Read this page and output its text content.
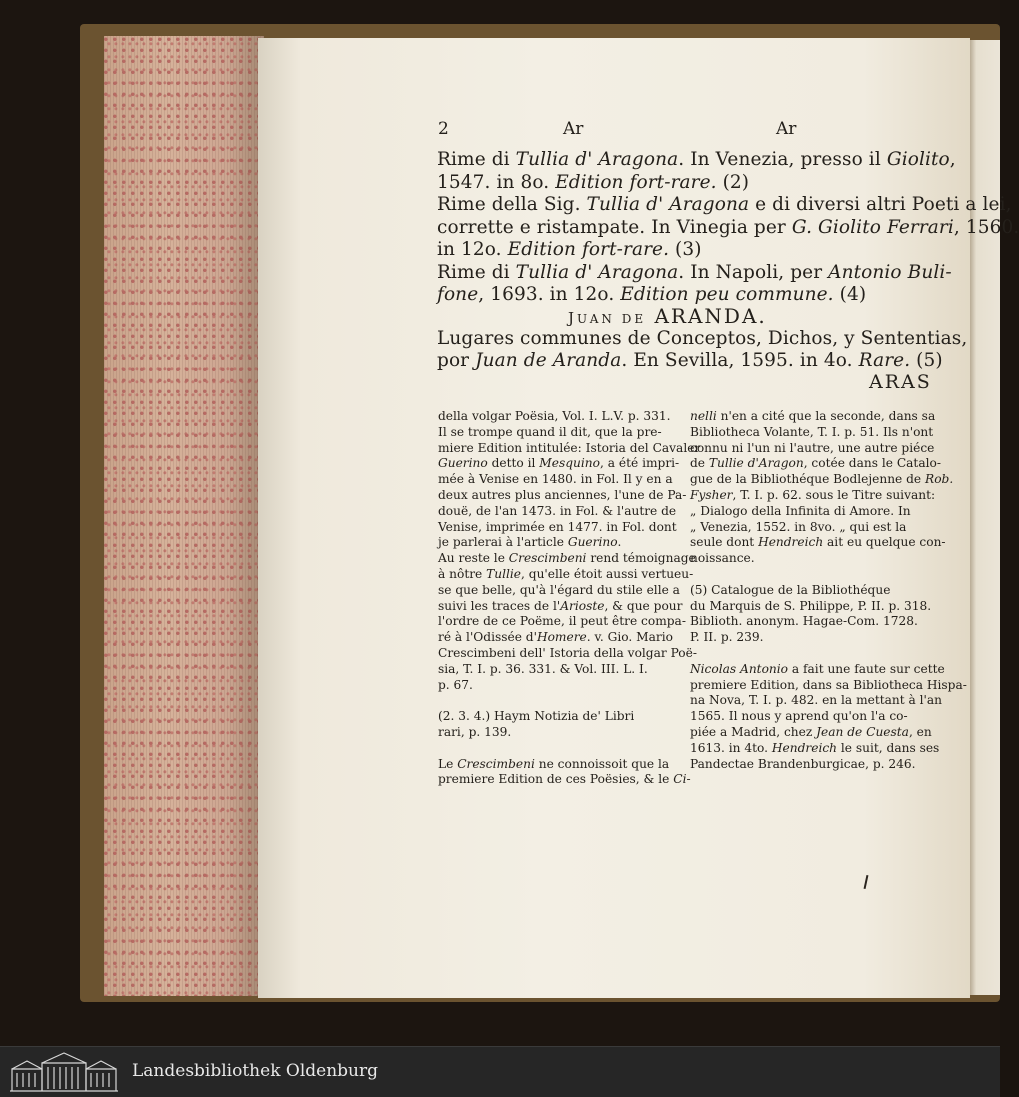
2	Ar	Ar
Rime di Tullia d' Aragona. In Venezia, presso il Giolito,
1547. in 8o. Edition fort-rare. (2)
Rime della Sig. Tullia d' Aragona e di diversi altri Poeti a lei,
corrette e ristampate. In Vinegia per G. Giolito Ferrari, 1560.
in 12o. Edition fort-rare. (3)
Rime di Tullia d' Aragona. In Napoli, per Antonio Buli-
fone, 1693. in 12o. Edition peu commune. (4)
JUAN DE ARANDA.
Lugares communes de Conceptos, Dichos, y Sententias,
por Juan de Aranda. En Sevilla, 1595. in 4o. Rare. (5)
ARAS
della volgar Poësia, Vol. I. L.V. p. 331.
Il se trompe quand il dit, que la pre-
miere Edition intitulée: Istoria del Cavaler
Guerino detto il Mesquino, a été impri-
mée à Venise en 1480. in Fol. Il y en a
deux autres plus anciennes, l'une de Pa-
douë, de l'an 1473. in Fol. & l'autre de
Venise, imprimée en 1477. in Fol. dont
je parlerai à l'article Guerino.
Au reste le Crescimbeni rend témoignage
à nôtre Tullie, qu'elle étoit aussi vertueu-
se que belle, qu'à l'égard du stile elle a
suivi les traces de l'Arioste, & que pour
l'ordre de ce Poëme, il peut être compa-
ré à l'Odissée d'Homere. v. Gio. Mario
Crescimbeni dell' Istoria della volgar Poë-
sia, T. I. p. 36. 331. & Vol. III. L. I.
p. 67.
(2. 3. 4.) Haym Notizia de' Libri
rari, p. 139.
Le Crescimbeni ne connoissoit que la
premiere Edition de ces Poësies, & le Ci-
nelli n'en a cité que la seconde, dans sa
Bibliotheca Volante, T. I. p. 51. Ils n'ont
connu ni l'un ni l'autre, une autre piéce
de Tullie d'Aragon, cotée dans le Catalo-
gue de la Bibliothéque Bodlejenne de Rob.
Fysher, T. I. p. 62. sous le Titre suivant:
„ Dialogo della Infinita di Amore. In
„ Venezia, 1552. in 8vo. „ qui est la
seule dont Hendreich ait eu quelque con-
noissance.
(5) Catalogue de la Bibliothéque
du Marquis de S. Philippe, P. II. p. 318.
Biblioth. anonym. Hagae-Com. 1728.
P. II. p. 239.
Nicolas Antonio a fait une faute sur cette
premiere Edition, dans sa Bibliotheca Hispa-
na Nova, T. I. p. 482. en la mettant à l'an
1565. Il nous y aprend qu'on l'a co-
piée a Madrid, chez Jean de Cuesta, en
1613. in 4to. Hendreich le suit, dans ses
Pandectae Brandenburgicae, p. 246.
Landesbibliothek Oldenburg
